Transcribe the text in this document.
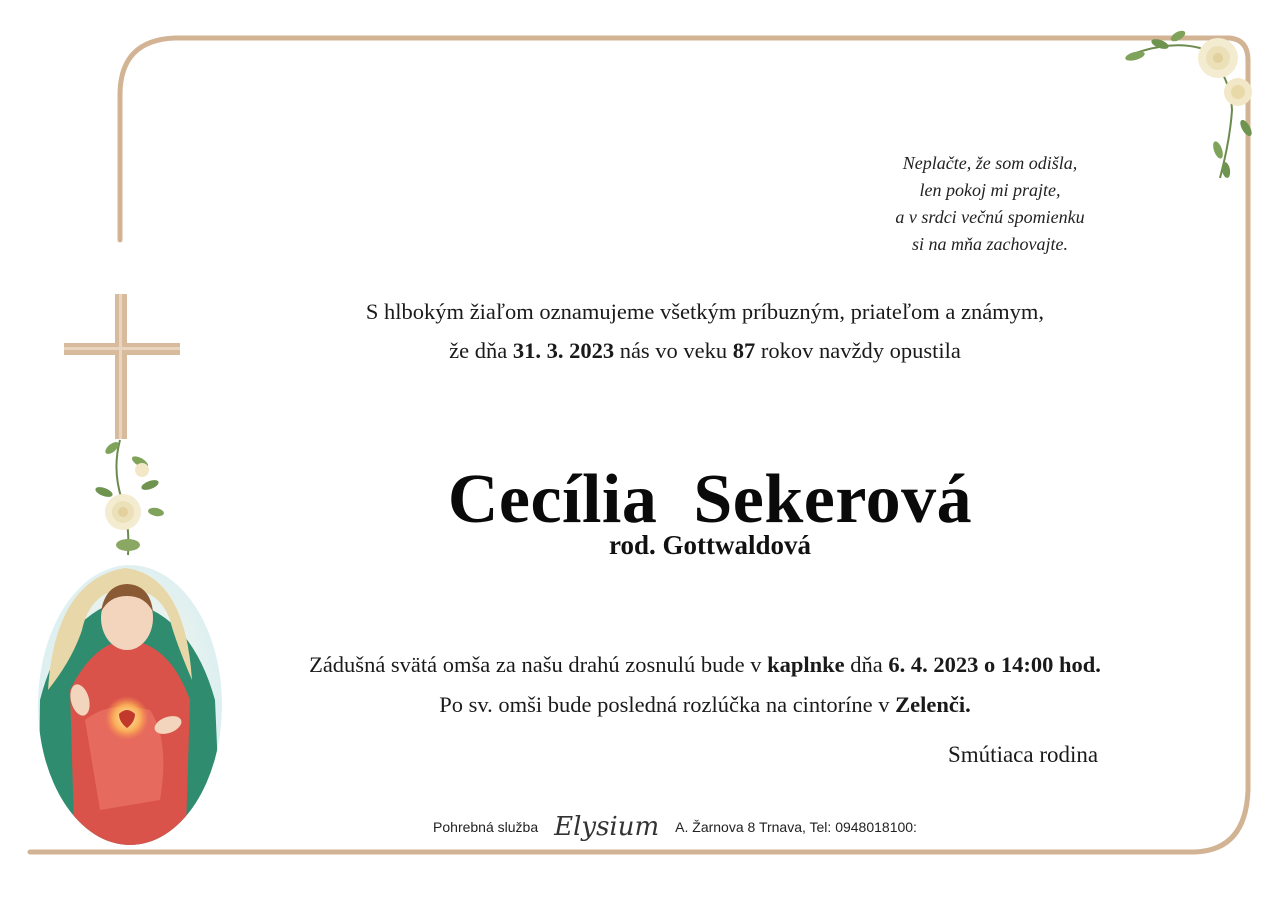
Neplačte, že som odišla,
len pokoj mi prajte,
a v srdci večnú spomienku
si na mňa zachovajte.
S hlbokým žiaľom oznamujeme všetkým príbuzným, priateľom a známym,
že dňa 31. 3. 2023 nás vo veku 87 rokov navždy opustila
Cecília  Sekerová
rod. Gottwaldová
Zádušná svätá omša za našu drahú zosnulú bude v kaplnke dňa 6. 4. 2023 o 14:00 hod.
Po sv. omši bude posledná rozlúčka na cintoríne v Zelenči.
Smútiaca rodina
Pohrebná služba Elysium A. Žarnova 8 Trnava, Tel: 0948018100:
